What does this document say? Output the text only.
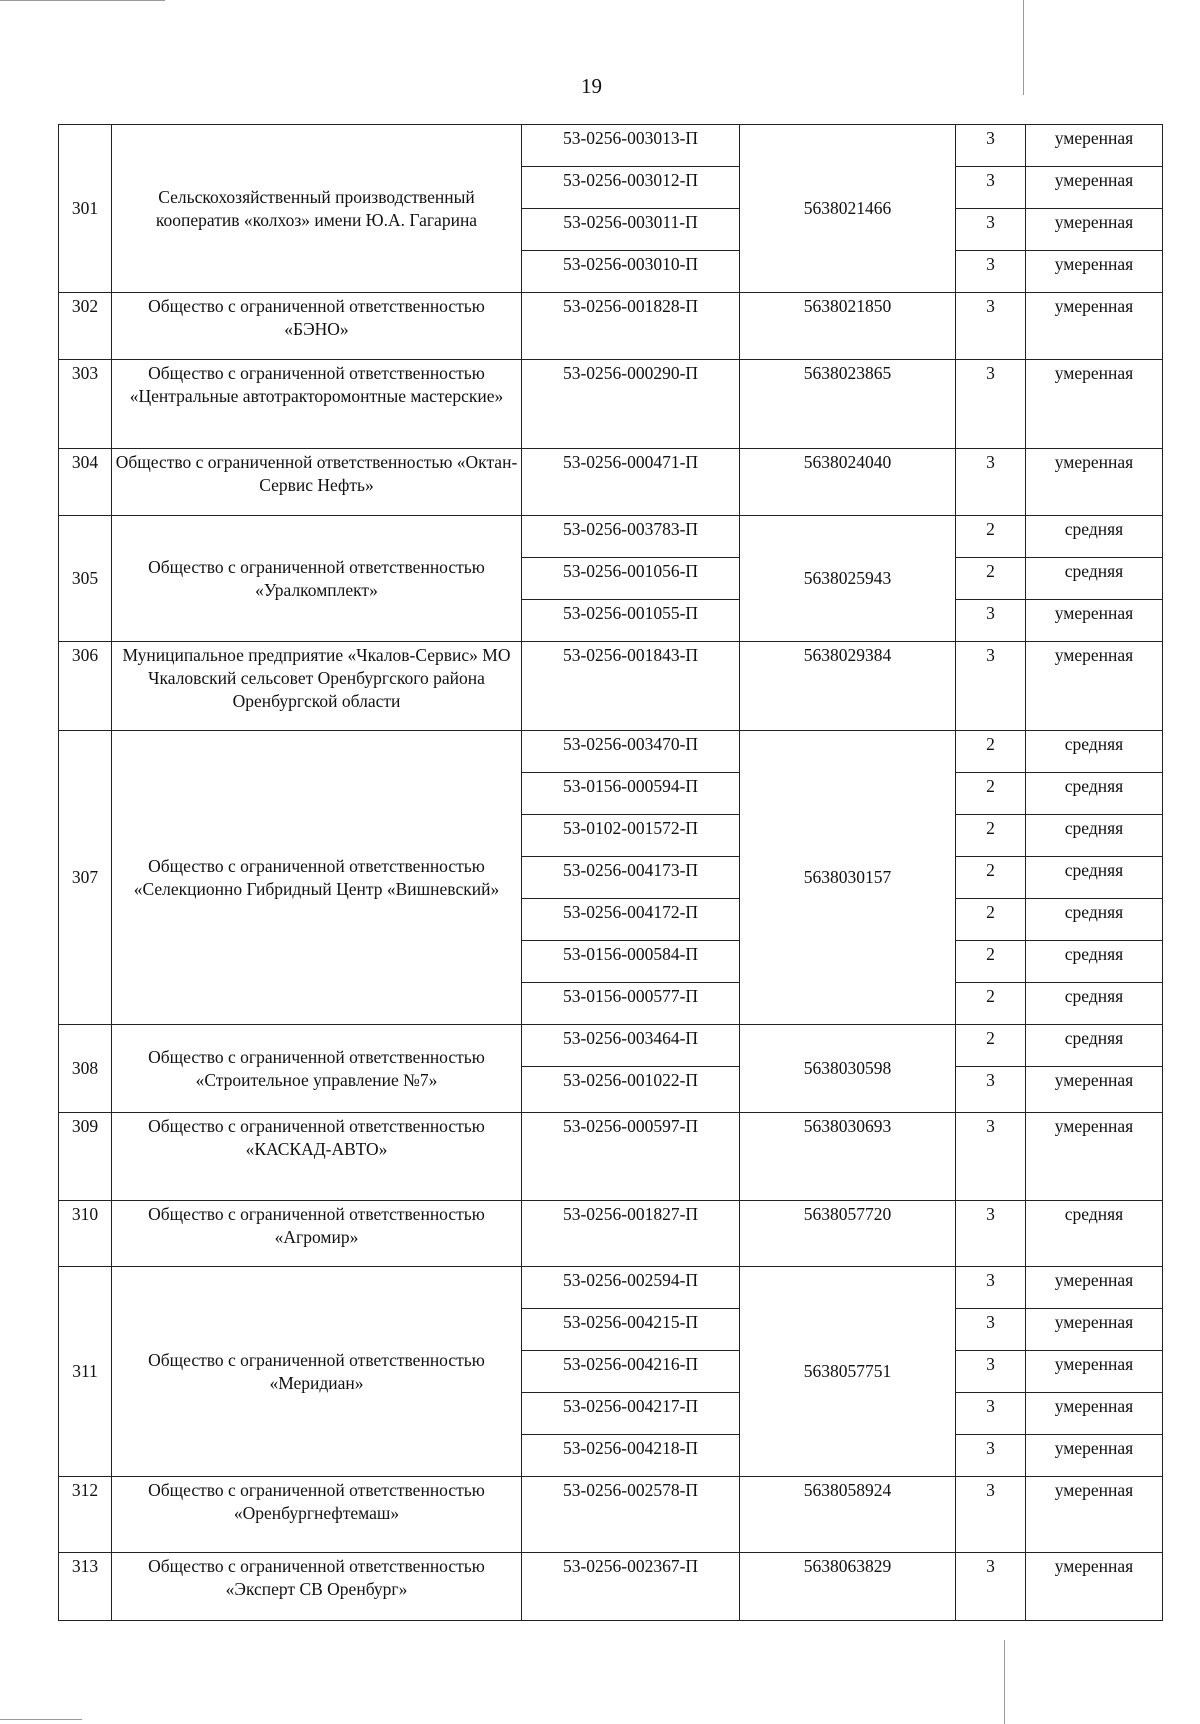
19
301	Сельскохозяйственный производственный кооператив «колхоз» имени Ю.А. Гагарина	53-0256-003013-П	5638021466	3	умеренная
		53-0256-003012-П		3	умеренная
		53-0256-003011-П		3	умеренная
		53-0256-003010-П		3	умеренная
302	Общество с ограниченной ответственностью «БЭНО»	53-0256-001828-П	5638021850	3	умеренная
303	Общество с ограниченной ответственностью «Центральные автотракторомонтные мастерские»	53-0256-000290-П	5638023865	3	умеренная
304	Общество с ограниченной ответственностью «Октан-Сервис Нефть»	53-0256-000471-П	5638024040	3	умеренная
305	Общество с ограниченной ответственностью «Уралкомплект»	53-0256-003783-П	5638025943	2	средняя
		53-0256-001056-П		2	средняя
		53-0256-001055-П		3	умеренная
306	Муниципальное предприятие «Чкалов-Сервис» МО Чкаловский сельсовет Оренбургского района Оренбургской области	53-0256-001843-П	5638029384	3	умеренная
307	Общество с ограниченной ответственностью «Селекционно Гибридный Центр «Вишневский»	53-0256-003470-П	5638030157	2	средняя
		53-0156-000594-П		2	средняя
		53-0102-001572-П		2	средняя
		53-0256-004173-П		2	средняя
		53-0256-004172-П		2	средняя
		53-0156-000584-П		2	средняя
		53-0156-000577-П		2	средняя
308	Общество с ограниченной ответственностью «Строительное управление №7»	53-0256-003464-П	5638030598	2	средняя
		53-0256-001022-П		3	умеренная
309	Общество с ограниченной ответственностью «КАСКАД-АВТО»	53-0256-000597-П	5638030693	3	умеренная
310	Общество с ограниченной ответственностью «Агромир»	53-0256-001827-П	5638057720	3	средняя
311	Общество с ограниченной ответственностью «Меридиан»	53-0256-002594-П	5638057751	3	умеренная
		53-0256-004215-П		3	умеренная
		53-0256-004216-П		3	умеренная
		53-0256-004217-П		3	умеренная
		53-0256-004218-П		3	умеренная
312	Общество с ограниченной ответственностью «Оренбургнефтемаш»	53-0256-002578-П	5638058924	3	умеренная
313	Общество с ограниченной ответственностью «Эксперт СВ Оренбург»	53-0256-002367-П	5638063829	3	умеренная
